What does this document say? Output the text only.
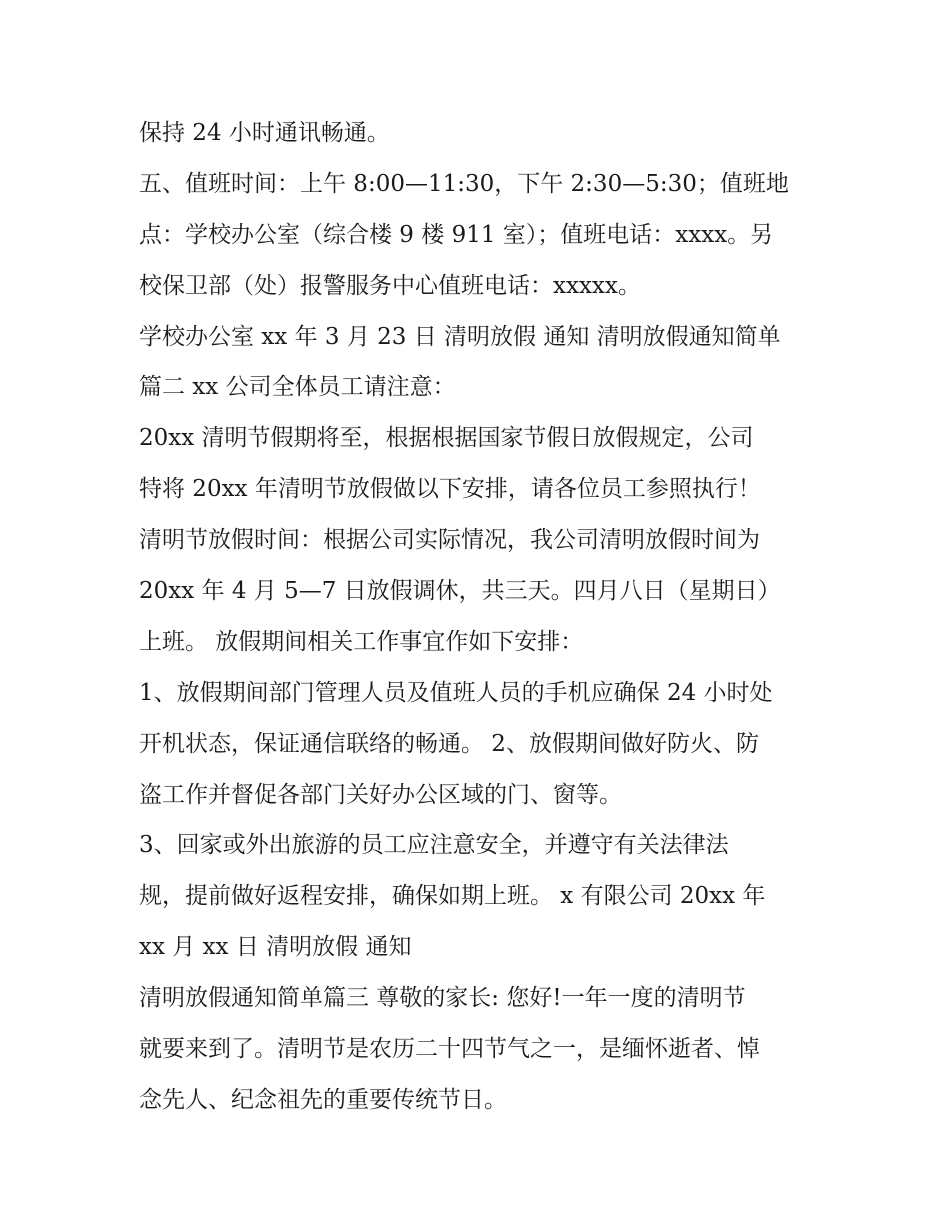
保持 24 小时通讯畅通。
五、值班时间：上午 8:00—11:30，下午 2:30—5:30；值班地
点：学校办公室（综合楼 9 楼 911 室）；值班电话：xxxx。另
校保卫部（处）报警服务中心值班电话：xxxxx。
学校办公室 xx 年 3 月 23 日 清明放假 通知 清明放假通知简单
篇二 xx 公司全体员工请注意：
20xx 清明节假期将至，根据根据国家节假日放假规定，公司
特将 20xx 年清明节放假做以下安排，请各位员工参照执行！
清明节放假时间：根据公司实际情况，我公司清明放假时间为
20xx 年 4 月 5—7 日放假调休，共三天。四月八日（星期日）
上班。 放假期间相关工作事宜作如下安排：
1、放假期间部门管理人员及值班人员的手机应确保 24 小时处
开机状态，保证通信联络的畅通。 2、放假期间做好防火、防
盗工作并督促各部门关好办公区域的门、窗等。
3、回家或外出旅游的员工应注意安全，并遵守有关法律法
规，提前做好返程安排，确保如期上班。 x 有限公司 20xx 年
xx 月 xx 日 清明放假 通知
清明放假通知简单篇三 尊敬的家长: 您好!一年一度的清明节
就要来到了。清明节是农历二十四节气之一，是缅怀逝者、悼
念先人、纪念祖先的重要传统节日。
